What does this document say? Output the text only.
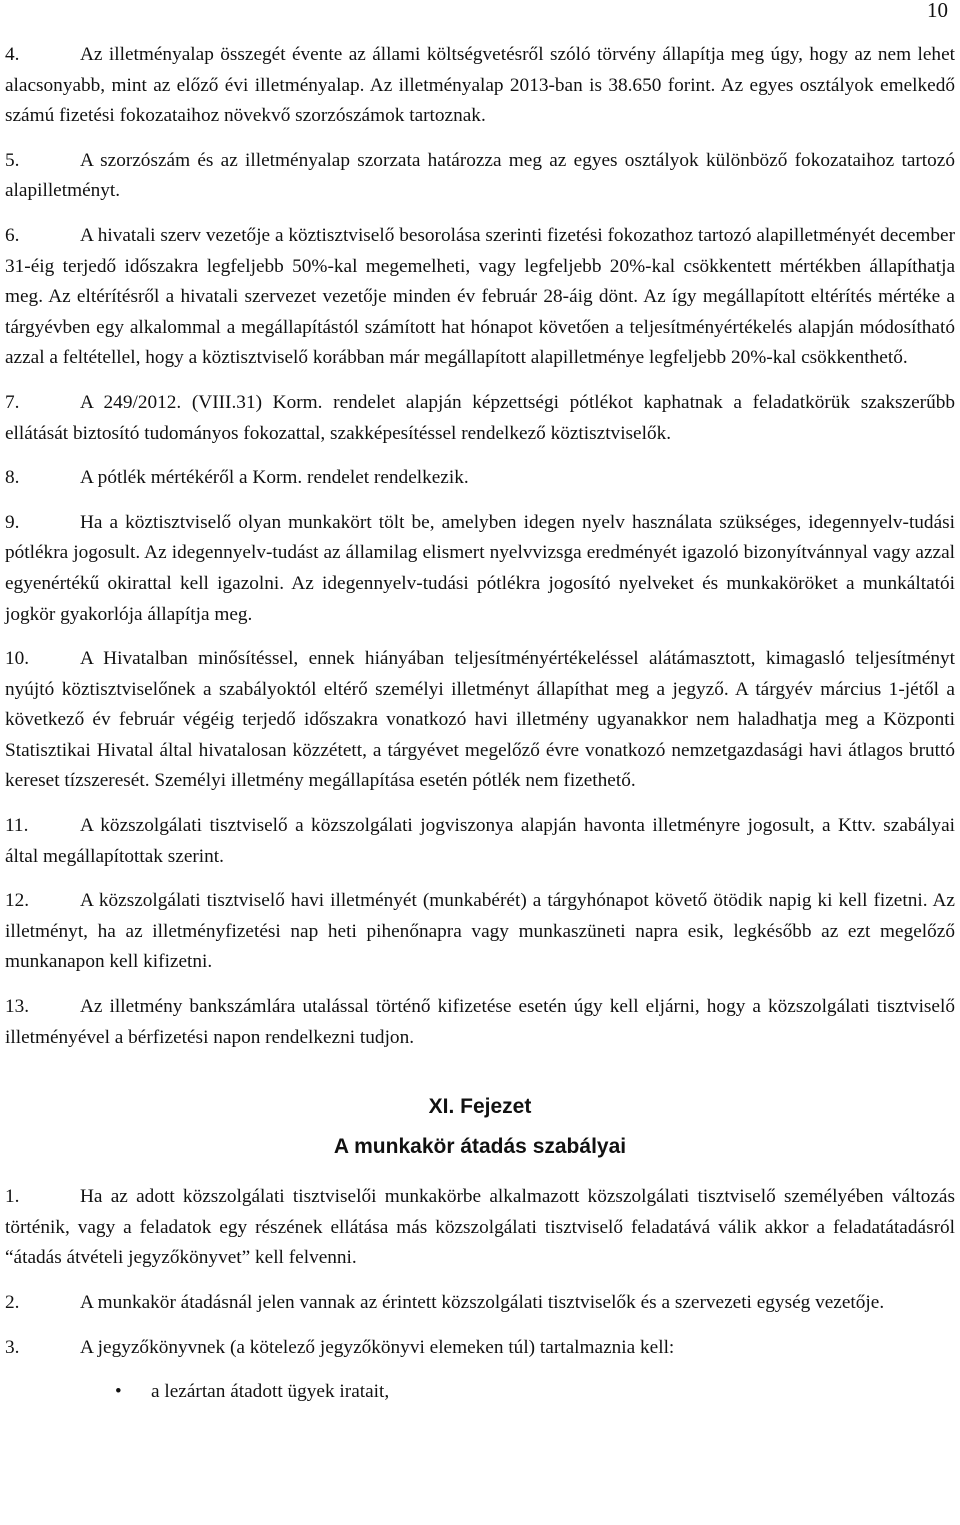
10

4.	Az illetményalap összegét évente az állami költségvetésről szóló törvény állapítja meg úgy, hogy az nem lehet alacsonyabb, mint az előző évi illetményalap. Az illetményalap 2013-ban is 38.650 forint. Az egyes osztályok emelkedő számú fizetési fokozataihoz növekvő szorzószámok tartoznak.

5.	A szorzószám és az illetményalap szorzata határozza meg az egyes osztályok különböző fokozataihoz tartozó alapilletményt.

6.	A hivatali szerv vezetője a köztisztviselő besorolása szerinti fizetési fokozathoz tartozó alapilletményét december 31-éig terjedő időszakra legfeljebb 50%-kal megemelheti, vagy legfeljebb 20%-kal csökkentett mértékben állapíthatja meg. Az eltérítésről a hivatali szervezet vezetője minden év február 28-áig dönt. Az így megállapított eltérítés mértéke a tárgyévben egy alkalommal a megállapítástól számított hat hónapot követően a teljesítményértékelés alapján módosítható azzal a feltétellel, hogy a köztisztviselő korábban már megállapított alapilletménye legfeljebb 20%-kal csökkenthető.

7.	A 249/2012. (VIII.31) Korm. rendelet alapján képzettségi pótlékot kaphatnak a feladatkörük szakszerűbb ellátását biztosító tudományos fokozattal, szakképesítéssel rendelkező köztisztviselők.

8.	A pótlék mértékéről a Korm. rendelet rendelkezik.

9.	Ha a köztisztviselő olyan munkakört tölt be, amelyben idegen nyelv használata szükséges, idegennyelv-tudási pótlékra jogosult. Az idegennyelv-tudást az államilag elismert nyelvvizsga eredményét igazoló bizonyítvánnyal vagy azzal egyenértékű okirattal kell igazolni. Az idegennyelv-tudási pótlékra jogosító nyelveket és munkaköröket a munkáltatói jogkör gyakorlója állapítja meg.

10.	A Hivatalban minősítéssel, ennek hiányában teljesítményértékeléssel alátámasztott, kimagasló teljesítményt nyújtó köztisztviselőnek a szabályoktól eltérő személyi illetményt állapíthat meg a jegyző. A tárgyév március 1-jétől a következő év február végéig terjedő időszakra vonatkozó havi illetmény ugyanakkor nem haladhatja meg a Központi Statisztikai Hivatal által hivatalosan közzétett, a tárgyévet megelőző évre vonatkozó nemzetgazdasági havi átlagos bruttó kereset tízszeresét. Személyi illetmény megállapítása esetén pótlék nem fizethető.

11.	A közszolgálati tisztviselő a közszolgálati jogviszonya alapján havonta illetményre jogosult, a Kttv. szabályai által megállapítottak szerint.

12.	A közszolgálati tisztviselő havi illetményét (munkabérét) a tárgyhónapot követő ötödik napig ki kell fizetni. Az illetményt, ha az illetményfizetési nap heti pihenőnapra vagy munkaszüneti napra esik, legkésőbb az ezt megelőző munkanapon kell kifizetni.

13.	Az illetmény bankszámlára utalással történő kifizetése esetén úgy kell eljárni, hogy a közszolgálati tisztviselő illetményével a bérfizetési napon rendelkezni tudjon.

XI. Fejezet
A munkakör átadás szabályai

1.	Ha az adott közszolgálati tisztviselői munkakörbe alkalmazott közszolgálati tisztviselő személyében változás történik, vagy a feladatok egy részének ellátása más közszolgálati tisztviselő feladatává válik akkor a feladatátadásról “átadás átvételi jegyzőkönyvet” kell felvenni.

2.	A munkakör átadásnál jelen vannak az érintett közszolgálati tisztviselők és a szervezeti egység vezetője.

3.	A jegyzőkönyvnek (a kötelező jegyzőkönyvi elemeken túl) tartalmaznia kell:

• a lezártan átadott ügyek iratait,
